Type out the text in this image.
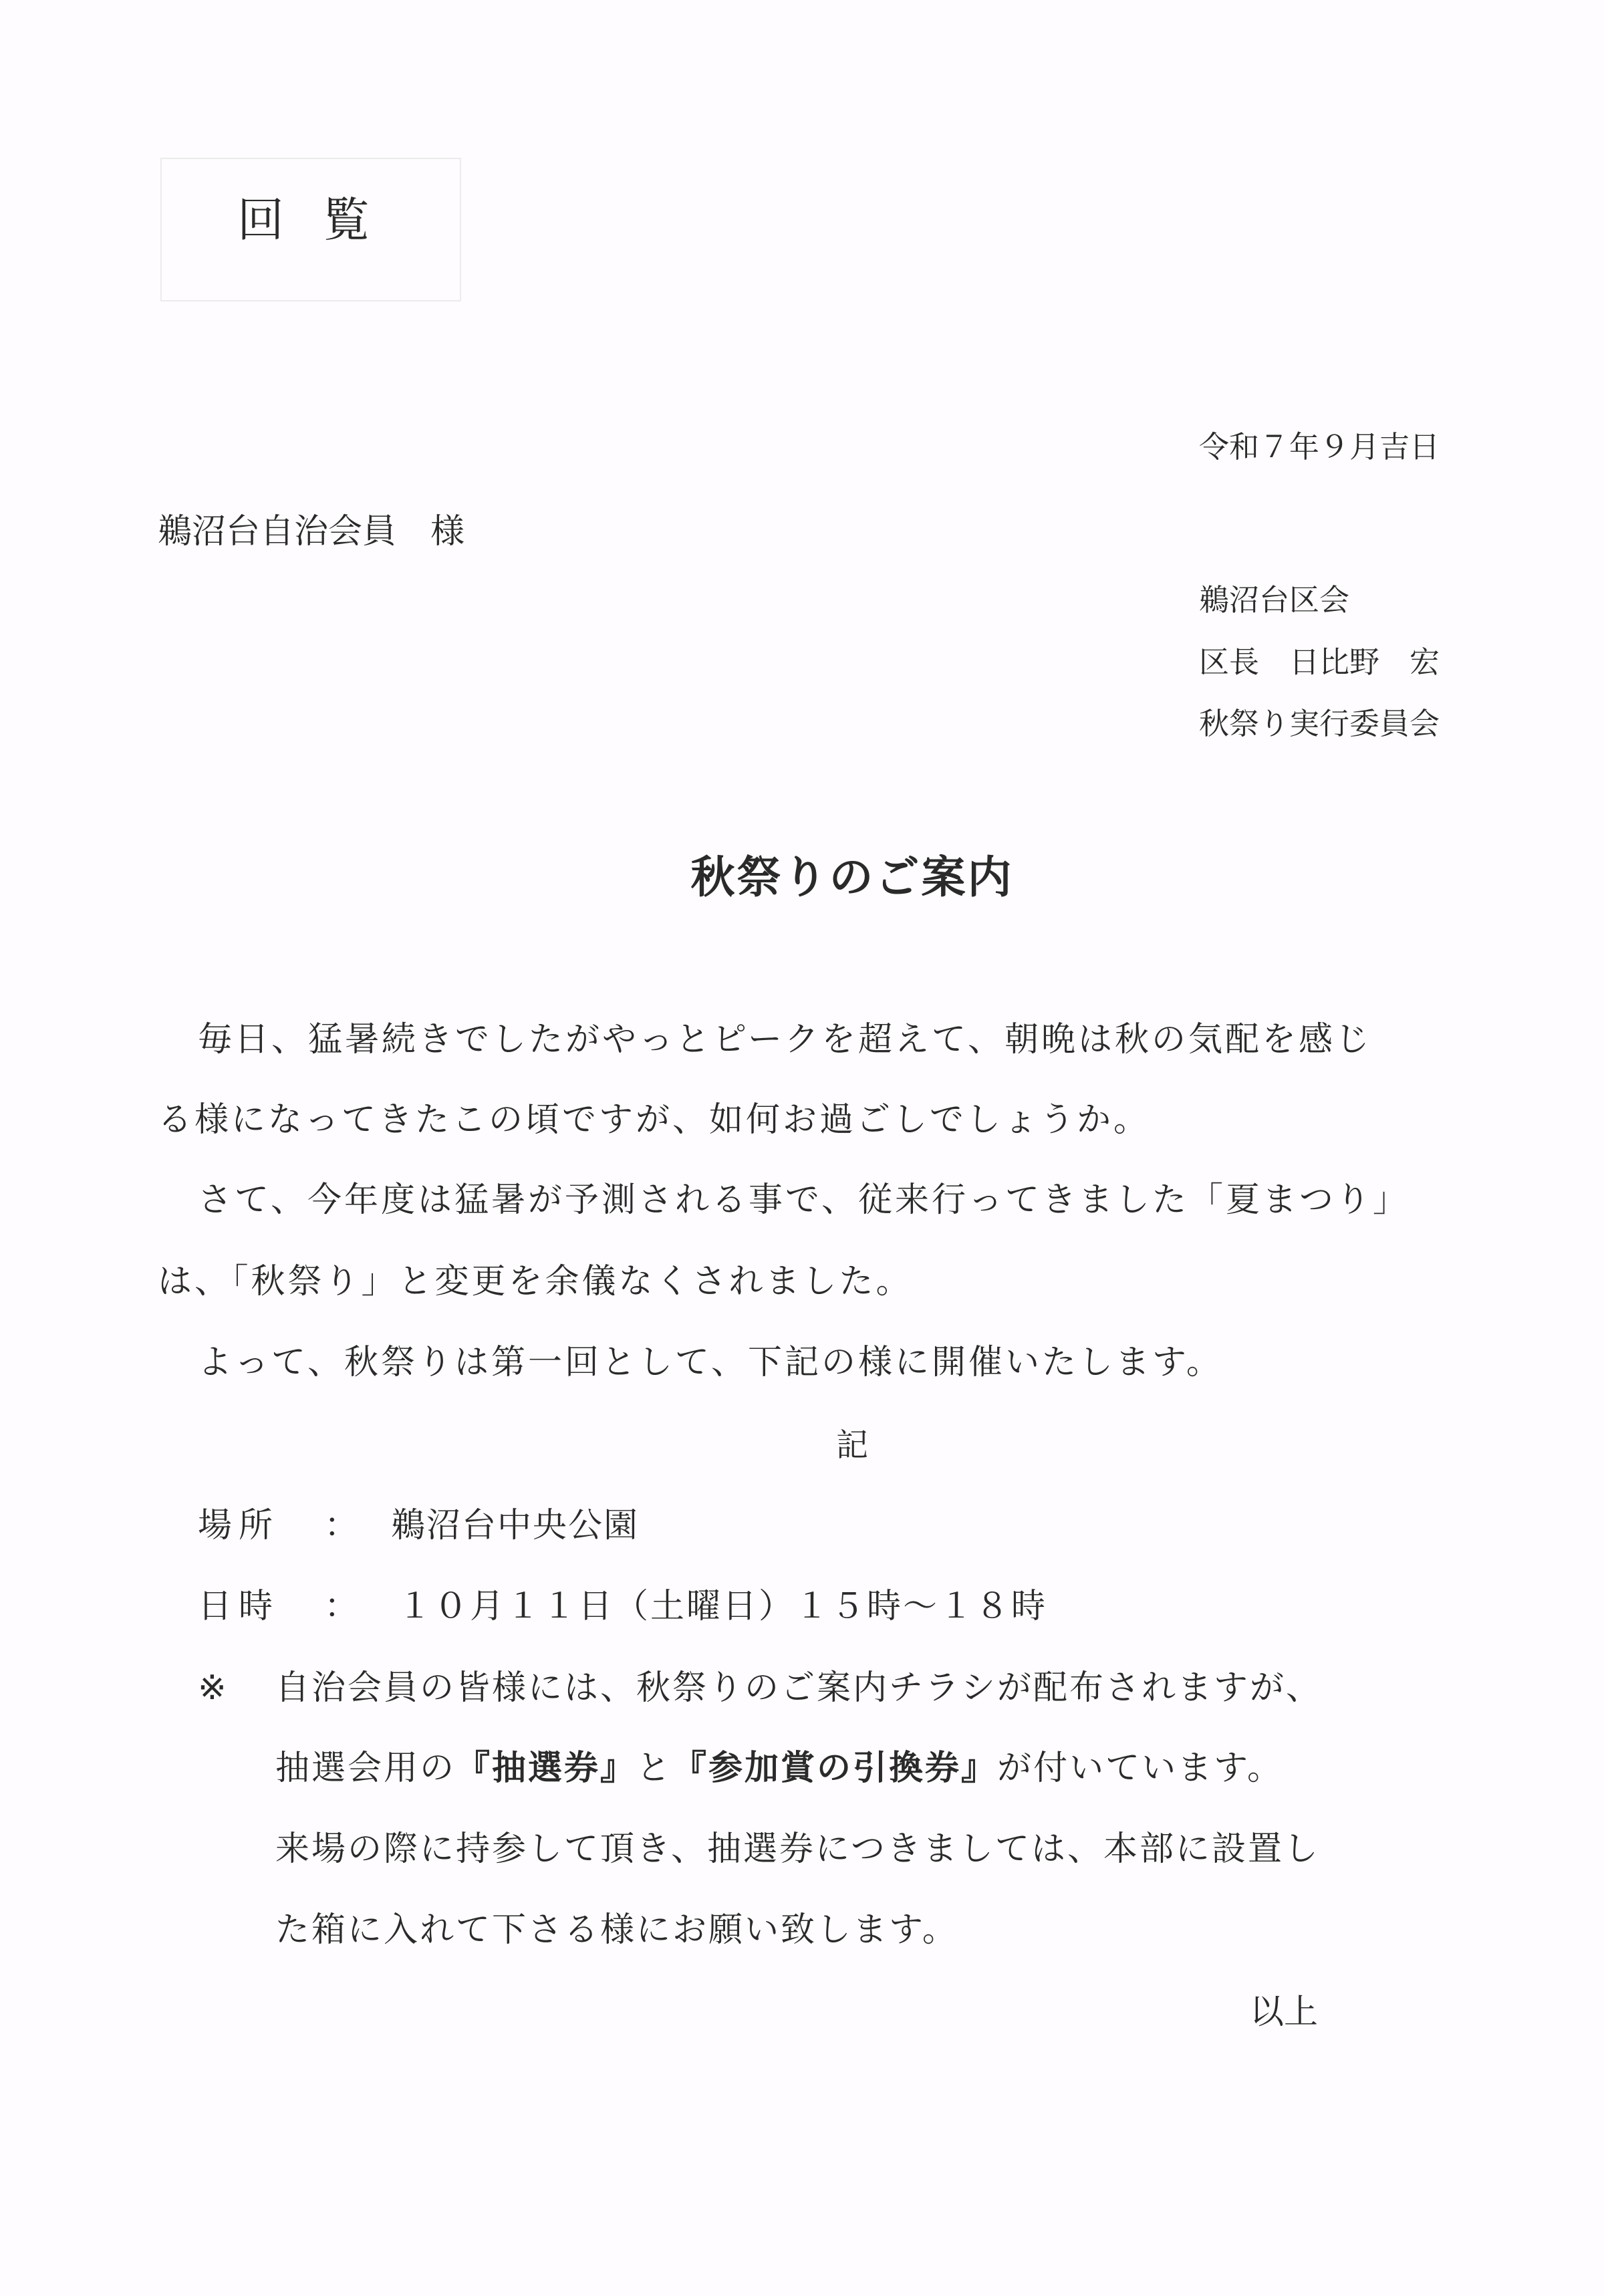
回覧
令和７年９月吉日
鵜沼台自治会員　様
鵜沼台区会
区長　日比野　宏
秋祭り実行委員会
秋祭りのご案内
毎日、猛暑続きでしたがやっとピークを超えて、朝晩は秋の気配を感じ
る様になってきたこの頃ですが、如何お過ごしでしょうか。
さて、今年度は猛暑が予測される事で、従来行ってきました「夏まつり」
は、「秋祭り」と変更を余儀なくされました。
よって、秋祭りは第一回として、下記の様に開催いたします。
記
場所 ： 鵜沼台中央公園
日時 ： １０月１１日（土曜日）１５時～１８時
※ 自治会員の皆様には、秋祭りのご案内チラシが配布されますが、
抽選会用の『抽選券』と『参加賞の引換券』が付いています。
来場の際に持参して頂き、抽選券につきましては、本部に設置し
た箱に入れて下さる様にお願い致します。
以上
